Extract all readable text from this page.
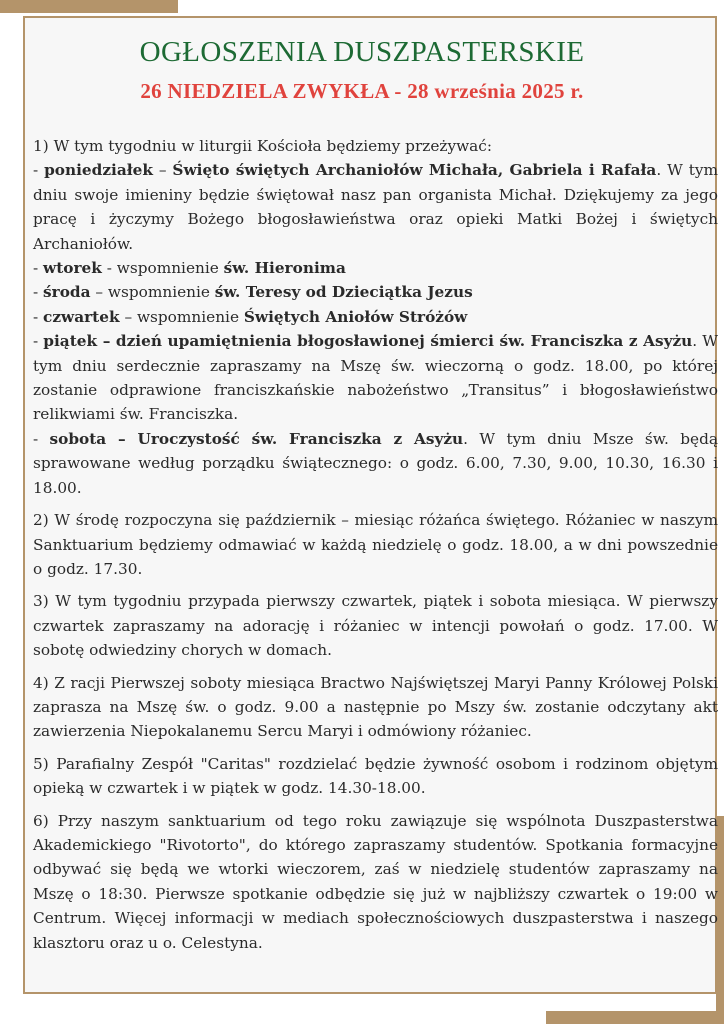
OGŁOSZENIA DUSZPASTERSKIE
26 NIEDZIELA ZWYKŁA - 28 września 2025 r.

1) W tym tygodniu w liturgii Kościoła będziemy przeżywać:

- poniedziałek – Święto świętych Archaniołów Michała, Gabriela i Rafała. W tym dniu swoje imieniny będzie świętował nasz pan organista Michał. Dziękujemy za jego pracę i życzymy Bożego błogosławieństwa oraz opieki Matki Bożej i świętych Archaniołów.

- wtorek - wspomnienie św. Hieronima

- środa – wspomnienie św. Teresy od Dzieciątka Jezus

- czwartek – wspomnienie Świętych Aniołów Stróżów

- piątek – dzień upamiętnienia błogosławionej śmierci św. Franciszka z Asyżu. W tym dniu serdecznie zapraszamy na Mszę św. wieczorną o godz. 18.00, po której zostanie odprawione franciszkańskie nabożeństwo „Transitus” i błogosławieństwo relikwiami św. Franciszka.

- sobota – Uroczystość św. Franciszka z Asyżu. W tym dniu Msze św. będą sprawowane według porządku świątecznego: o godz. 6.00, 7.30, 9.00, 10.30, 16.30 i 18.00.

2) W środę rozpoczyna się październik – miesiąc różańca świętego. Różaniec w naszym Sanktuarium będziemy odmawiać w każdą niedzielę o godz. 18.00, a w dni powszednie o godz. 17.30.

3) W tym tygodniu przypada pierwszy czwartek, piątek i sobota miesiąca. W pierwszy czwartek zapraszamy na adorację i różaniec w intencji powołań o godz. 17.00. W sobotę odwiedziny chorych w domach.

4) Z racji Pierwszej soboty miesiąca Bractwo Najświętszej Maryi Panny Królowej Polski zaprasza na Mszę św. o godz. 9.00 a następnie po Mszy św. zostanie odczytany akt zawierzenia Niepokalanemu Sercu Maryi i odmówiony różaniec.

5) Parafialny Zespół "Caritas" rozdzielać będzie żywność osobom i rodzinom objętym opieką w czwartek i w piątek w godz. 14.30-18.00.

6) Przy naszym sanktuarium od tego roku zawiązuje się wspólnota Duszpasterstwa Akademickiego "Rivotorto", do którego zapraszamy studentów. Spotkania formacyjne odbywać się będą we wtorki wieczorem, zaś w niedzielę studentów zapraszamy na Mszę o 18:30. Pierwsze spotkanie odbędzie się już w najbliższy czwartek o 19:00 w Centrum. Więcej informacji w mediach społecznościowych duszpasterstwa i naszego klasztoru oraz u o. Celestyna.
